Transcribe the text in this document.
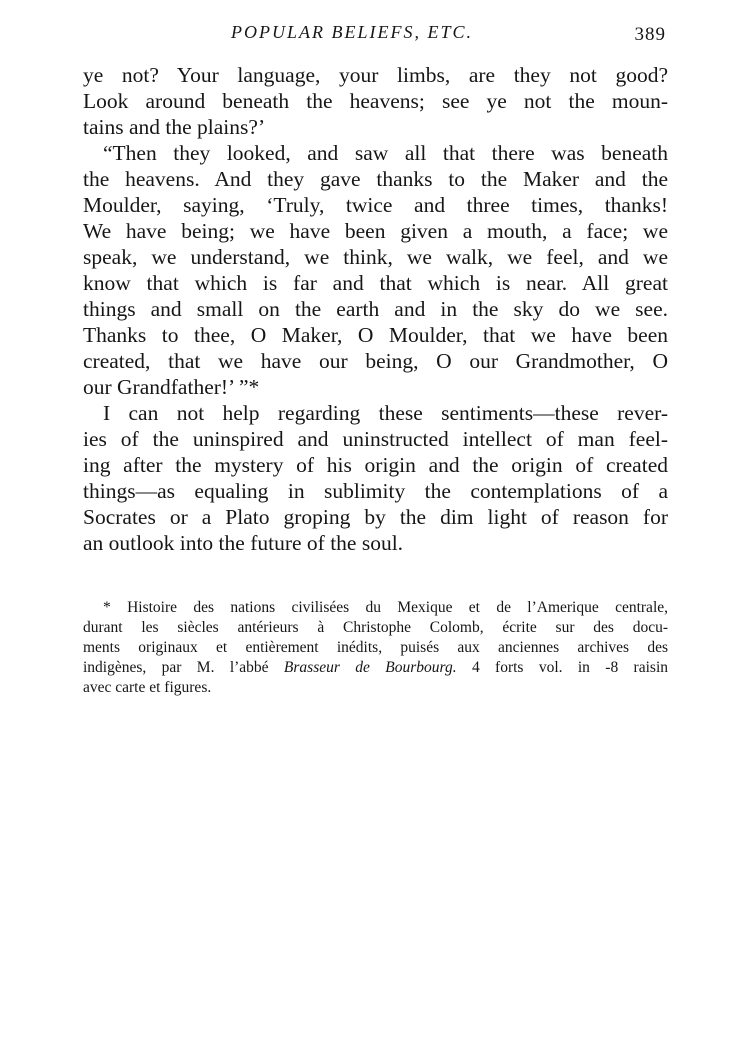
POPULAR BELIEFS, ETC.	389
ye not? Your language, your limbs, are they not good?
Look around beneath the heavens; see ye not the moun-
tains and the plains?’
“Then they looked, and saw all that there was beneath
the heavens. And they gave thanks to the Maker and the
Moulder, saying, ‘Truly, twice and three times, thanks!
We have being; we have been given a mouth, a face; we
speak, we understand, we think, we walk, we feel, and we
know that which is far and that which is near. All great
things and small on the earth and in the sky do we see.
Thanks to thee, O Maker, O Moulder, that we have been
created, that we have our being, O our Grandmother, O
our Grandfather!’ ”*
I can not help regarding these sentiments—these rever-
ies of the uninspired and uninstructed intellect of man feel-
ing after the mystery of his origin and the origin of created
things—as equaling in sublimity the contemplations of a
Socrates or a Plato groping by the dim light of reason for
an outlook into the future of the soul.
* Histoire des nations civilisées du Mexique et de l’Amerique centrale,
durant les siècles antérieurs à Christophe Colomb, écrite sur des docu-
ments originaux et entièrement inédits, puisés aux anciennes archives des
indigènes, par M. l’abbé Brasseur de Bourbourg. 4 forts vol. in -8 raisin
avec carte et figures.
